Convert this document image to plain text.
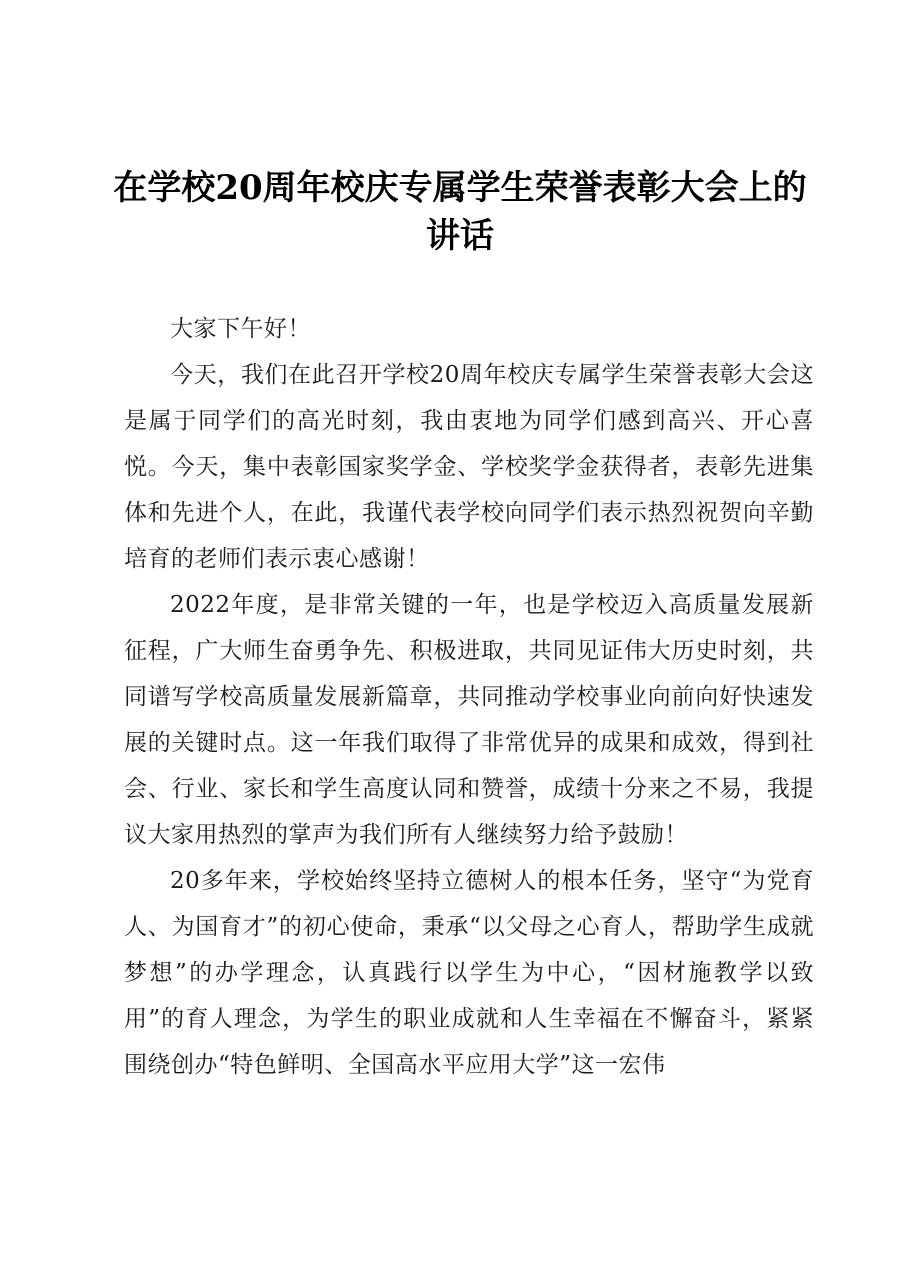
在学校20周年校庆专属学生荣誉表彰大会上的讲话

大家下午好！

今天，我们在此召开学校20周年校庆专属学生荣誉表彰大会这是属于同学们的高光时刻，我由衷地为同学们感到高兴、开心喜悦。今天，集中表彰国家奖学金、学校奖学金获得者，表彰先进集体和先进个人，在此，我谨代表学校向同学们表示热烈祝贺向辛勤培育的老师们表示衷心感谢！

2022年度，是非常关键的一年，也是学校迈入高质量发展新征程，广大师生奋勇争先、积极进取，共同见证伟大历史时刻，共同谱写学校高质量发展新篇章，共同推动学校事业向前向好快速发展的关键时点。这一年我们取得了非常优异的成果和成效，得到社会、行业、家长和学生高度认同和赞誉，成绩十分来之不易，我提议大家用热烈的掌声为我们所有人继续努力给予鼓励！

20多年来，学校始终坚持立德树人的根本任务，坚守“为党育人、为国育才”的初心使命，秉承“以父母之心育人，帮助学生成就梦想”的办学理念，认真践行以学生为中心，“因材施教学以致用”的育人理念，为学生的职业成就和人生幸福在不懈奋斗，紧紧围绕创办“特色鲜明、全国高水平应用大学”这一宏伟
